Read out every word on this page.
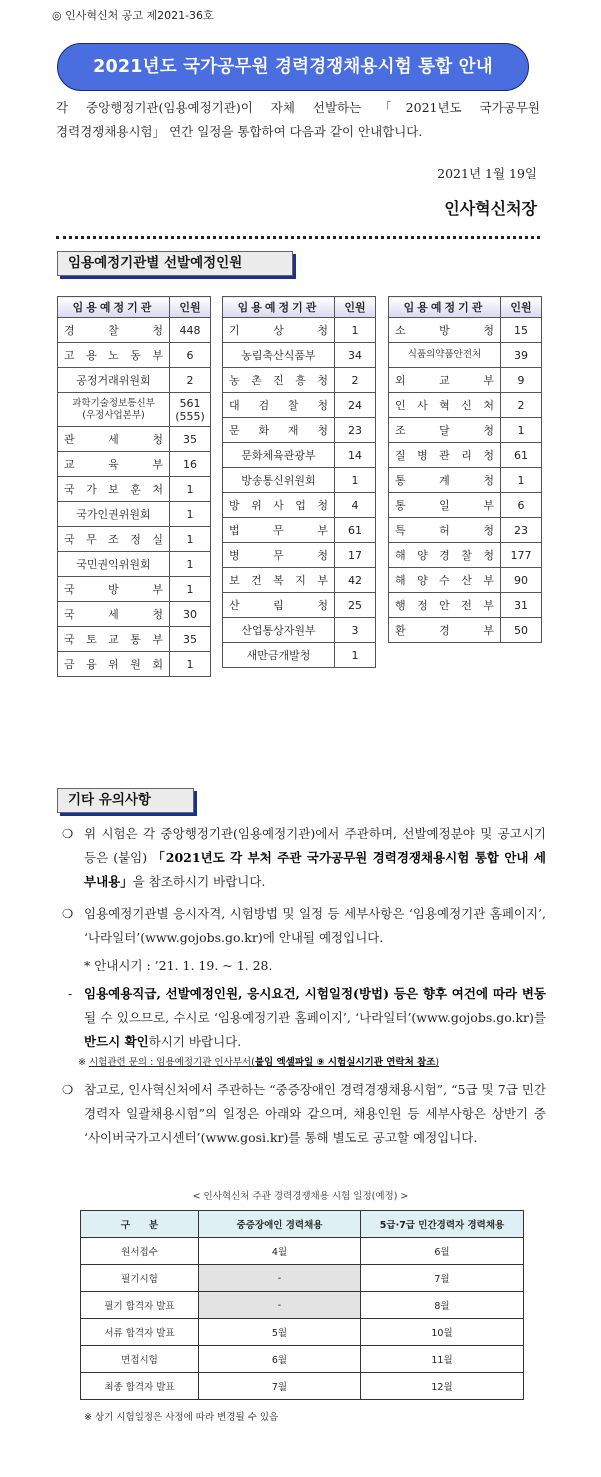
◎ 인사혁신처 공고 제2021-36호
2021년도 국가공무원 경력경쟁채용시험 통합 안내
각 중앙행정기관(임용예정기관)이 자체 선발하는 「2021년도 국가공무원
경력경쟁채용시험」 연간 일정을 통합하여 다음과 같이 안내합니다.
2021년 1월 19일
인사혁신처장
임용예정기관별 선발예정인원
임용예정기관	인원

경	찰	청	448

고 용 노 동 부	6

공정거래위원회	2

과학기술정보통신부
(우정사업본부)

561
(555)

관	세	청	35

교	육	부	16

국 가 보 훈 처	1

국가인권위원회	1

국 무 조 정 실	1

국민권익위원회	1

국	방	부	1

국	세	청	30

국 토 교 통 부	35

금 융 위 원 회	1
임용예정기관	인원

기	상	청	1

농림축산식품부	34

농 촌 진 흥 청	2

대 검 찰 청	24

문 화 재 청	23

문화체육관광부	14

방송통신위원회	1

방 위 사 업 청	4

법	무	부	61

병	무	청	17

보 건 복 지 부	42

산	림	청	25

산업통상자원부	3

새만금개발청	1
임용예정기관	인원

소	방	청	15

식품의약품안전처	39

외	교	부	9

인 사 혁 신 처	2

조	달	청	1

질 병 관 리 청	61

통	계	청	1

통	일	부	6

특	허	청	23

해 양 경 찰 청	177

해 양 수 산 부	90

행 정 안 전 부	31

환	경	부	50
기타 유의사항
❍ 위 시험은 각 중앙행정기관(임용예정기관)에서 주관하며, 선발예정분야 및 공고시기 등은 (붙임) 「2021년도 각 부처 주관 국가공무원 경력경쟁채용시험 통합 안내 세부내용」을 참조하시기 바랍니다.
❍ 임용예정기관별 응시자격, 시험방법 및 일정 등 세부사항은 ‘임용예정기관 홈페이지’, ‘나라일터’(www.gojobs.go.kr)에 안내될 예정입니다.
* 안내시기 : ’21. 1. 19. ~ 1. 28.
- 임용예용직급, 선발예정인원, 응시요건, 시험일정(방법) 등은 향후 여건에 따라 변동될 수 있으므로, 수시로 ‘임용예정기관 홈페이지’, ‘나라일터’(www.gojobs.go.kr)를 반드시 확인하시기 바랍니다.
※ 시험관련 문의 : 임용예정기관 인사부서(붙임 엑셀파일 ⑨ 시험실시기관 연락처 참조)
❍ 참고로, 인사혁신처에서 주관하는 “중증장애인 경력경쟁채용시험”, “5급 및 7급 민간경력자 일괄채용시험”의 일정은 아래와 같으며, 채용인원 등 세부사항은 상반기 중 ‘사이버국가고시센터’(www.gosi.kr)를 통해 별도로 공고할 예정입니다.
< 인사혁신처 주관 경력경쟁채용 시험 일정(예정) >
구　　분	중증장애인 경력채용	5급·7급 민간경력자 경력채용
원서접수	4월	6월
필기시험	-	7월
필기 합격자 발표	-	8월
서류 합격자 발표	5월	10월
면접시험	6월	11월
최종 합격자 발표	7월	12월
※ 상기 시험일정은 사정에 따라 변경될 수 있음
